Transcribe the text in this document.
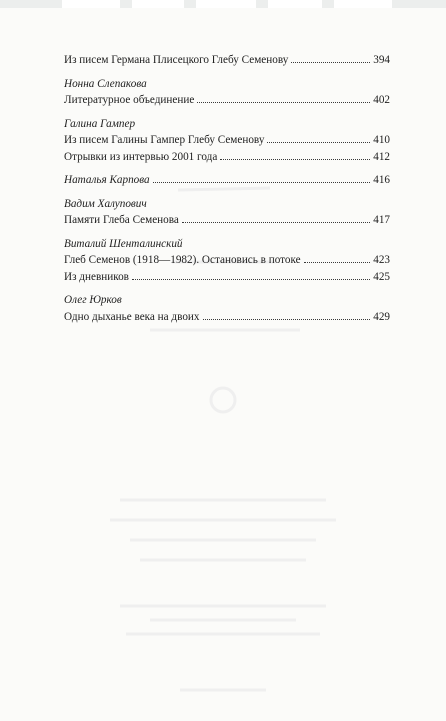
Из писем Германа Плисецкого Глебу Семенову	394
Нонна Слепакова
Литературное объединение	402
Галина Гампер
Из писем Галины Гампер Глебу Семенову	410
Отрывки из интервью 2001 года	412
Наталья Карпова	416
Вадим Халупович
Памяти Глеба Семенова	417
Виталий Шенталинский
Глеб Семенов (1918—1982). Остановись в потоке	423
Из дневников	425
Олег Юрков
Одно дыханье века на двоих	429
